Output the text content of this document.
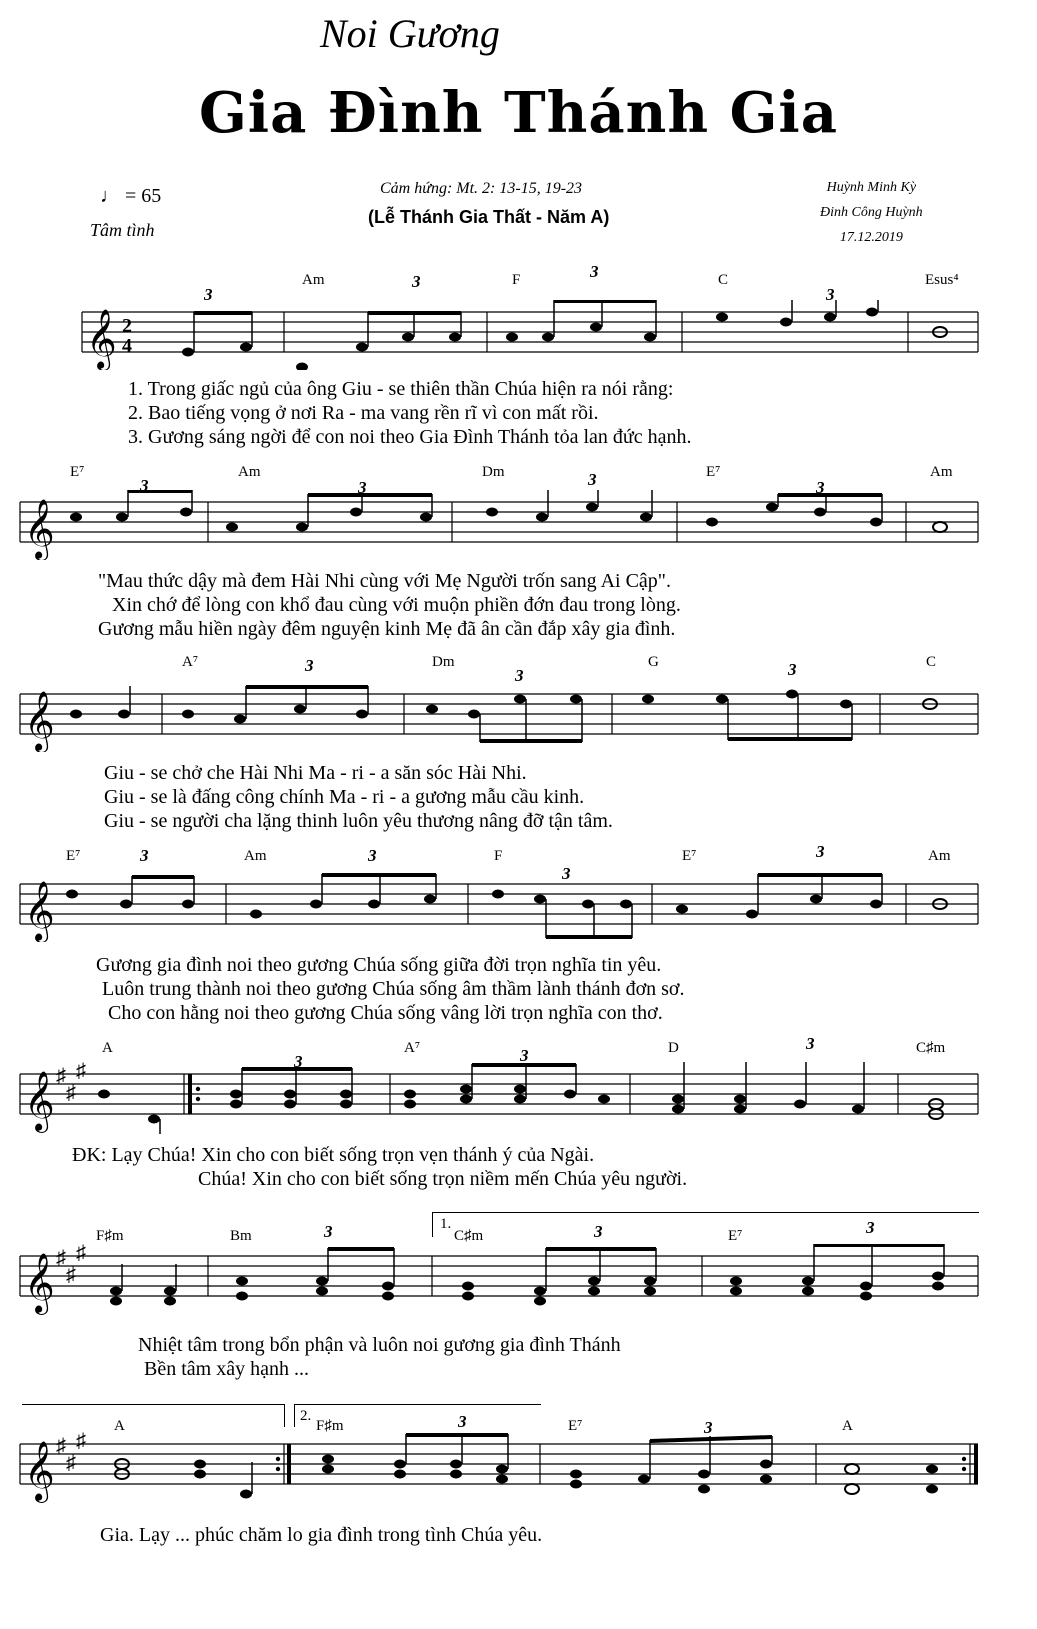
Noi Gương
Gia Đình Thánh Gia
♩ = 65
Tâm tình
Cảm hứng: Mt. 2: 13-15, 19-23
(Lễ Thánh Gia Thất - Năm A)
Huỳnh Minh Kỳ
Đinh Công Huỳnh
17.12.2019
Am	F	C	Esus⁴
3
3
3
3
𝄞 2
4
1. Trong giấc ngủ của ông Giu - se thiên thần Chúa hiện ra nói rằng:
2. Bao tiếng vọng ở nơi Ra - ma vang rền rĩ vì con mất rồi.
3. Gương sáng ngời để con noi theo Gia Đình Thánh tỏa lan đức hạnh.
E⁷	Am	Dm	E⁷	Am
3	3	3	3
𝄞
"Mau thức dậy mà đem Hài Nhi cùng với Mẹ Người trốn sang Ai Cập".
Xin chớ để lòng con khổ đau cùng với muộn phiền đớn đau trong lòng.
Gương mẫu hiền ngày đêm nguyện kinh Mẹ đã ân cần đắp xây gia đình.
A⁷	Dm	G	C
3
3	3
𝄞
Giu - se chở che Hài Nhi Ma - ri - a săn sóc Hài Nhi.
Giu - se là đấng công chính Ma - ri - a gương mẫu cầu kinh.
Giu - se người cha lặng thinh luôn yêu thương nâng đỡ tận tâm.
E⁷	Am	F	E⁷	Am
3	3
3
3
𝄞
Gương gia đình noi theo gương Chúa sống giữa đời trọn nghĩa tin yêu.
Luôn trung thành noi theo gương Chúa sống âm thầm lành thánh đơn sơ.
Cho con hằng noi theo gương Chúa sống vâng lời trọn nghĩa con thơ.
A	A⁷	D	C♯m
3	3
3
𝄞 ♯
♯
♯
ĐK: Lạy Chúa! Xin cho con biết sống trọn vẹn thánh ý của Ngài.
Chúa! Xin cho con biết sống trọn niềm mến Chúa yêu người.
1.
F♯m	Bm	C♯m	E⁷
3	3	3
𝄞 ♯
♯
♯
Nhiệt tâm trong bổn phận và luôn noi gương gia đình Thánh
Bền tâm xây hạnh ...
2.
A	F♯m	E⁷	A
3	3
𝄞 ♯
♯
♯
Gia. Lạy ... phúc chăm lo gia đình trong tình Chúa yêu.
